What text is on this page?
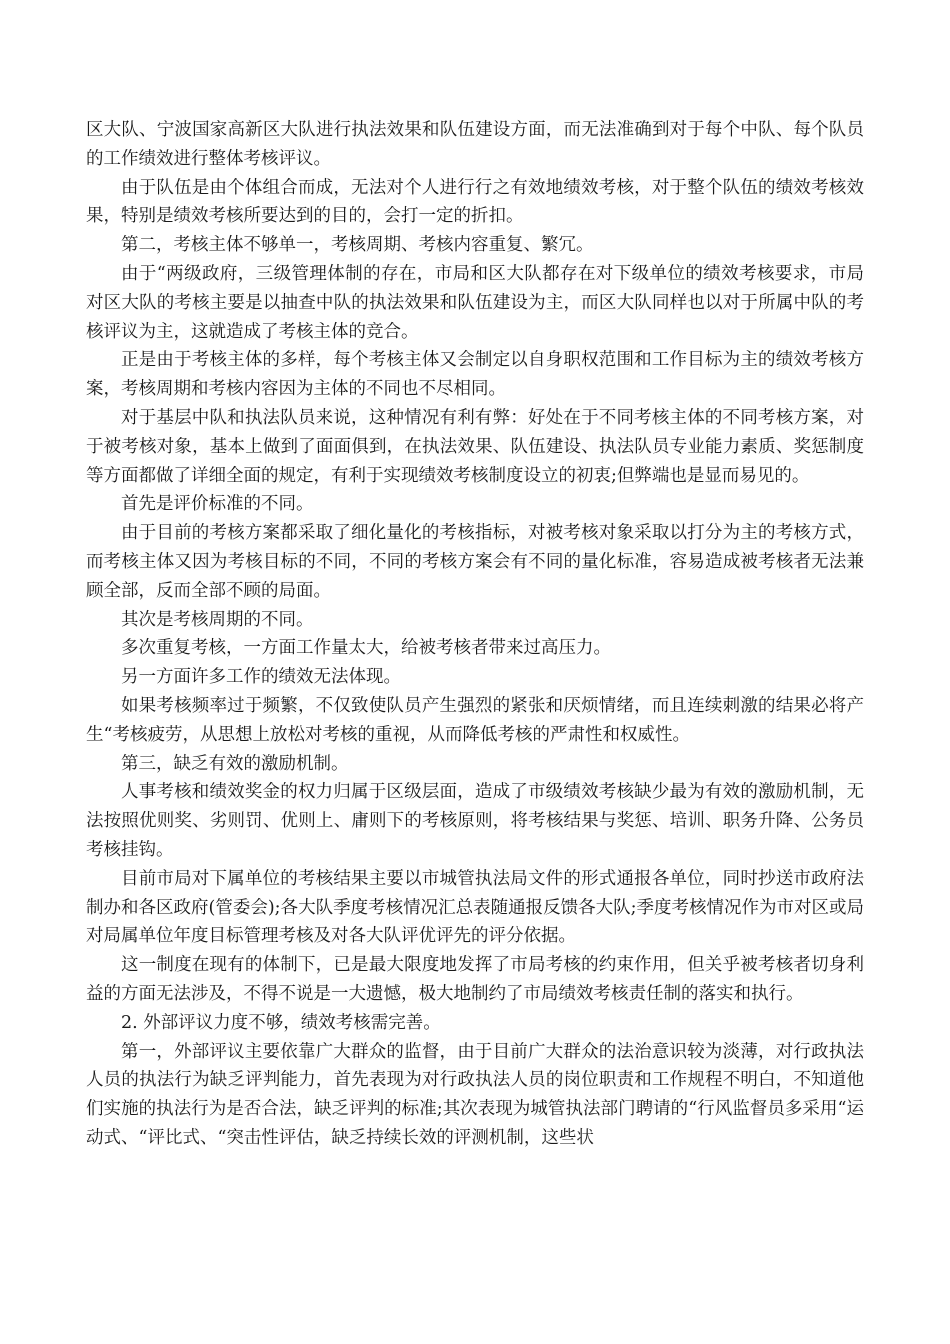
区大队、宁波国家高新区大队进行执法效果和队伍建设方面，而无法准确到对于每个中队、每个队员的工作绩效进行整体考核评议。

由于队伍是由个体组合而成，无法对个人进行行之有效地绩效考核，对于整个队伍的绩效考核效果，特别是绩效考核所要达到的目的，会打一定的折扣。

第二，考核主体不够单一，考核周期、考核内容重复、繁冗。

由于“两级政府，三级管理体制的存在，市局和区大队都存在对下级单位的绩效考核要求，市局对区大队的考核主要是以抽查中队的执法效果和队伍建设为主，而区大队同样也以对于所属中队的考核评议为主，这就造成了考核主体的竞合。

正是由于考核主体的多样，每个考核主体又会制定以自身职权范围和工作目标为主的绩效考核方案，考核周期和考核内容因为主体的不同也不尽相同。

对于基层中队和执法队员来说，这种情况有利有弊：好处在于不同考核主体的不同考核方案，对于被考核对象，基本上做到了面面俱到，在执法效果、队伍建设、执法队员专业能力素质、奖惩制度等方面都做了详细全面的规定，有利于实现绩效考核制度设立的初衷;但弊端也是显而易见的。

首先是评价标准的不同。

由于目前的考核方案都采取了细化量化的考核指标，对被考核对象采取以打分为主的考核方式，而考核主体又因为考核目标的不同，不同的考核方案会有不同的量化标准，容易造成被考核者无法兼顾全部，反而全部不顾的局面。

其次是考核周期的不同。

多次重复考核，一方面工作量太大，给被考核者带来过高压力。

另一方面许多工作的绩效无法体现。

如果考核频率过于频繁，不仅致使队员产生强烈的紧张和厌烦情绪，而且连续刺激的结果必将产生“考核疲劳，从思想上放松对考核的重视，从而降低考核的严肃性和权威性。

第三，缺乏有效的激励机制。

人事考核和绩效奖金的权力归属于区级层面，造成了市级绩效考核缺少最为有效的激励机制，无法按照优则奖、劣则罚、优则上、庸则下的考核原则，将考核结果与奖惩、培训、职务升降、公务员考核挂钩。

目前市局对下属单位的考核结果主要以市城管执法局文件的形式通报各单位，同时抄送市政府法制办和各区政府(管委会);各大队季度考核情况汇总表随通报反馈各大队;季度考核情况作为市对区或局对局属单位年度目标管理考核及对各大队评优评先的评分依据。

这一制度在现有的体制下，已是最大限度地发挥了市局考核的约束作用，但关乎被考核者切身利益的方面无法涉及，不得不说是一大遗憾，极大地制约了市局绩效考核责任制的落实和执行。

2. 外部评议力度不够，绩效考核需完善。

第一，外部评议主要依靠广大群众的监督，由于目前广大群众的法治意识较为淡薄，对行政执法人员的执法行为缺乏评判能力，首先表现为对行政执法人员的岗位职责和工作规程不明白，不知道他们实施的执法行为是否合法，缺乏评判的标准;其次表现为城管执法部门聘请的“行风监督员多采用“运动式、“评比式、“突击性评估，缺乏持续长效的评测机制，这些状
